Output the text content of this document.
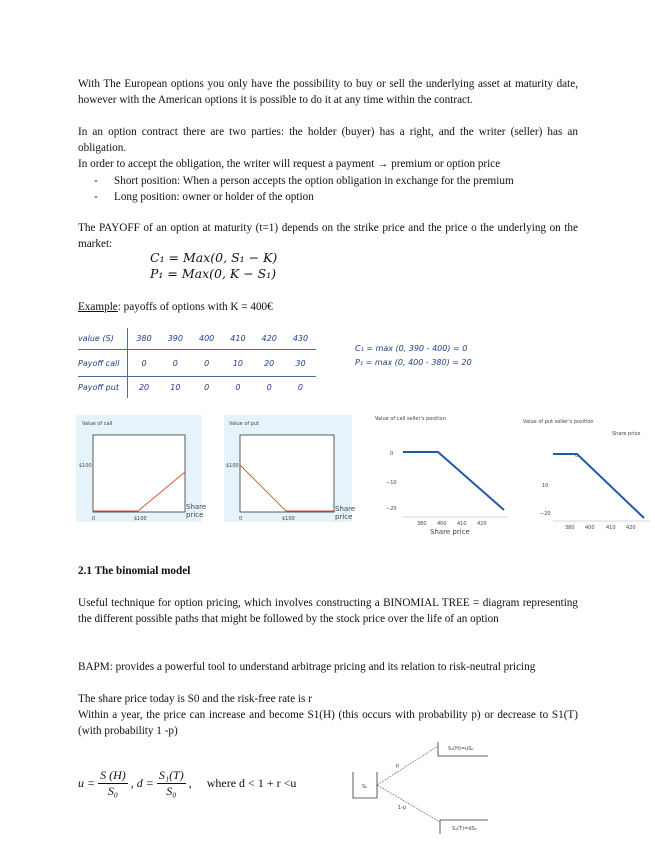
With The European options you only have the possibility to buy or sell the underlying asset at maturity date, however with the American options it is possible to do it at any time within the contract.
In an option contract there are two parties: the holder (buyer) has a right, and the writer (seller) has an obligation.
In order to accept the obligation, the writer will request a payment → premium or option price
- Short position: When a person accepts the option obligation in exchange for the premium
- Long position: owner or holder of the option
The PAYOFF of an option at maturity (t=1) depends on the strike price and the price o the underlying on the market:
C₁ = Max(0, S₁ − K)
P₁ = Max(0, K − S₁)
Example: payoffs of options with K = 400€
value (S)	380	390	400	410	420	430
Payoff call	0	0	0	10	20	30
Payoff put	20	10	0	0	0	0
C₁ = max (0, 390 - 400) = 0
P₁ = max (0, 400 - 380) = 20
Value of call
$100
0	$100
Share price
Value of put
$100
0	$100
Share price
Value of call seller's position
0
−10
−20
380 400 410 420
Share price
Value of put seller's position
Share price
0
10
−20
380 400 410 420
2.1 The binomial model
Useful technique for option pricing, which involves constructing a BINOMIAL TREE = diagram representing the different possible paths that might be followed by the stock price over the life of an option
BAPM: provides a powerful tool to understand arbitrage pricing and its relation to risk-neutral pricing
The share price today is S0 and the risk-free rate is r
Within a year, the price can increase and become S1(H) (this occurs with probability p) or decrease to S1(T) (with probability 1 -p)
$u = \frac{S (H)}{\text{S₀}}$ , $d = \frac{\text{S₁(T)}}{\text{S₀}}$ ,     where d < 1 + r <u	S₀
p
1-p
S₁(H)=uS₀
S₁(T)=dS₀
